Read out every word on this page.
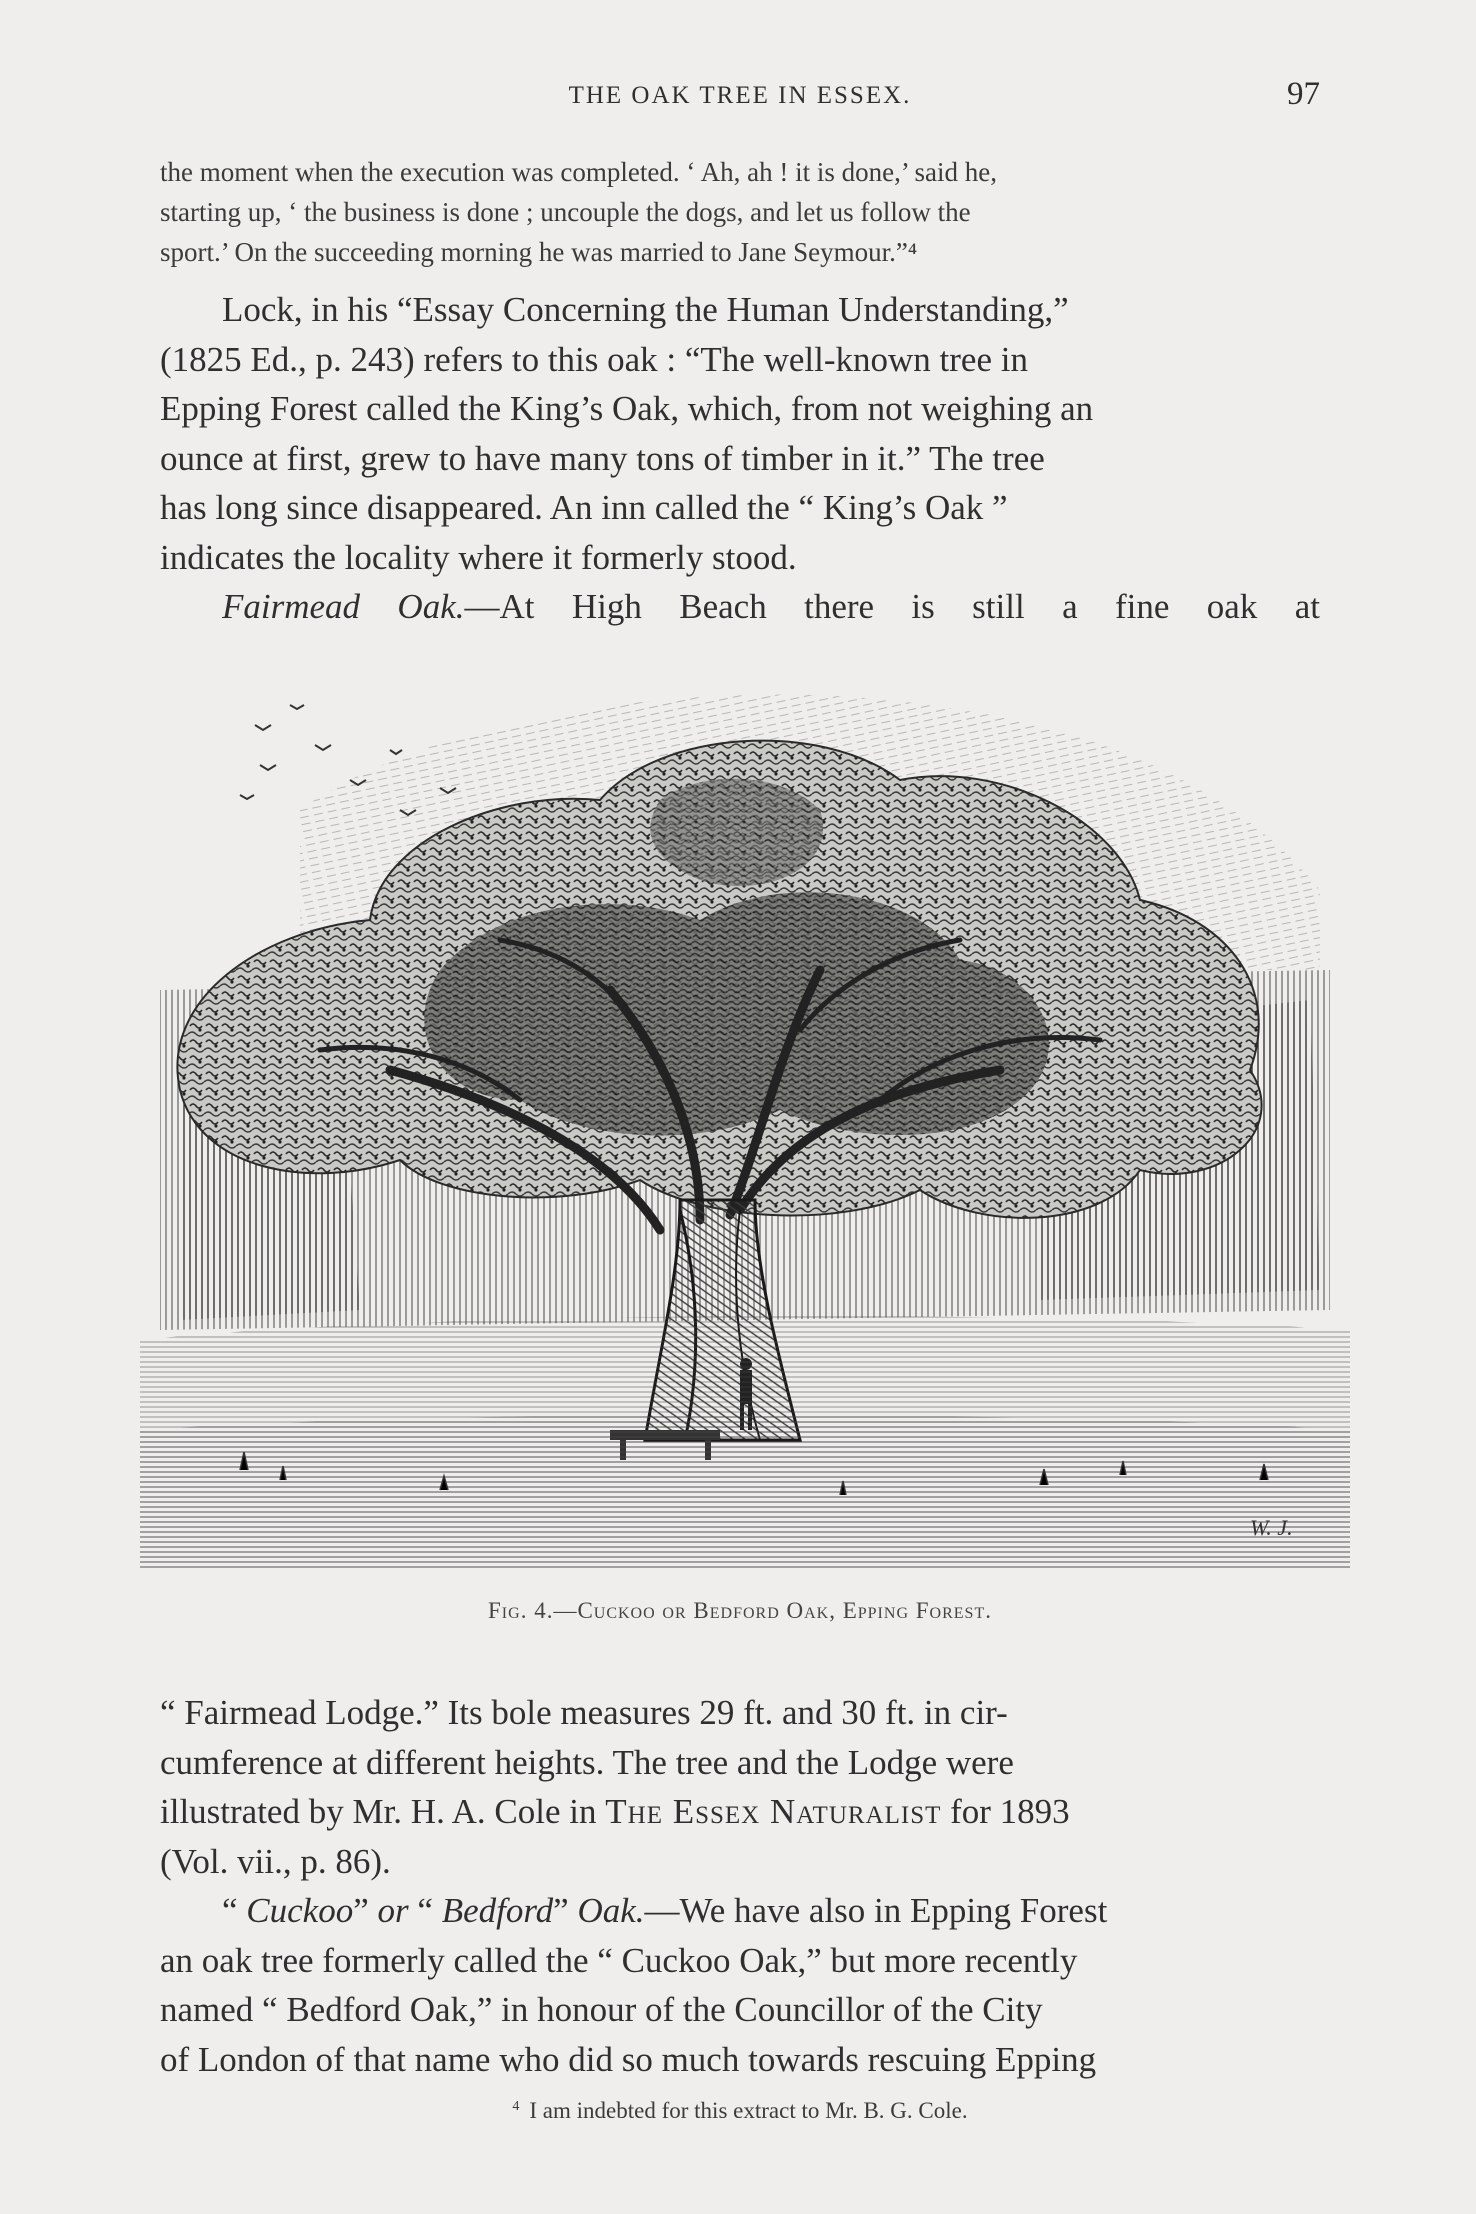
THE OAK TREE IN ESSEX.	97

the moment when the execution was completed. ‘ Ah, ah ! it is done,’ said he,
starting up, ‘ the business is done ; uncouple the dogs, and let us follow the
sport.’ On the succeeding morning he was married to Jane Seymour.”⁴

Lock, in his “Essay Concerning the Human Understanding,”
(1825 Ed., p. 243) refers to this oak : “The well-known tree in
Epping Forest called the King’s Oak, which, from not weighing an
ounce at first, grew to have many tons of timber in it.” The tree
has long since disappeared. An inn called the “ King’s Oak ”
indicates the locality where it formerly stood.

Fairmead Oak.—At High Beach there is still a fine oak at

W. J.
Fig. 4.—Cuckoo or Bedford Oak, Epping Forest.

“ Fairmead Lodge.” Its bole measures 29 ft. and 30 ft. in cir-
cumference at different heights. The tree and the Lodge were
illustrated by Mr. H. A. Cole in The Essex Naturalist for 1893
(Vol. vii., p. 86).

“ Cuckoo” or “ Bedford” Oak.—We have also in Epping Forest
an oak tree formerly called the “ Cuckoo Oak,” but more recently
named “ Bedford Oak,” in honour of the Councillor of the City
of London of that name who did so much towards rescuing Epping

$^4$ I am indebted for this extract to Mr. B. G. Cole.
